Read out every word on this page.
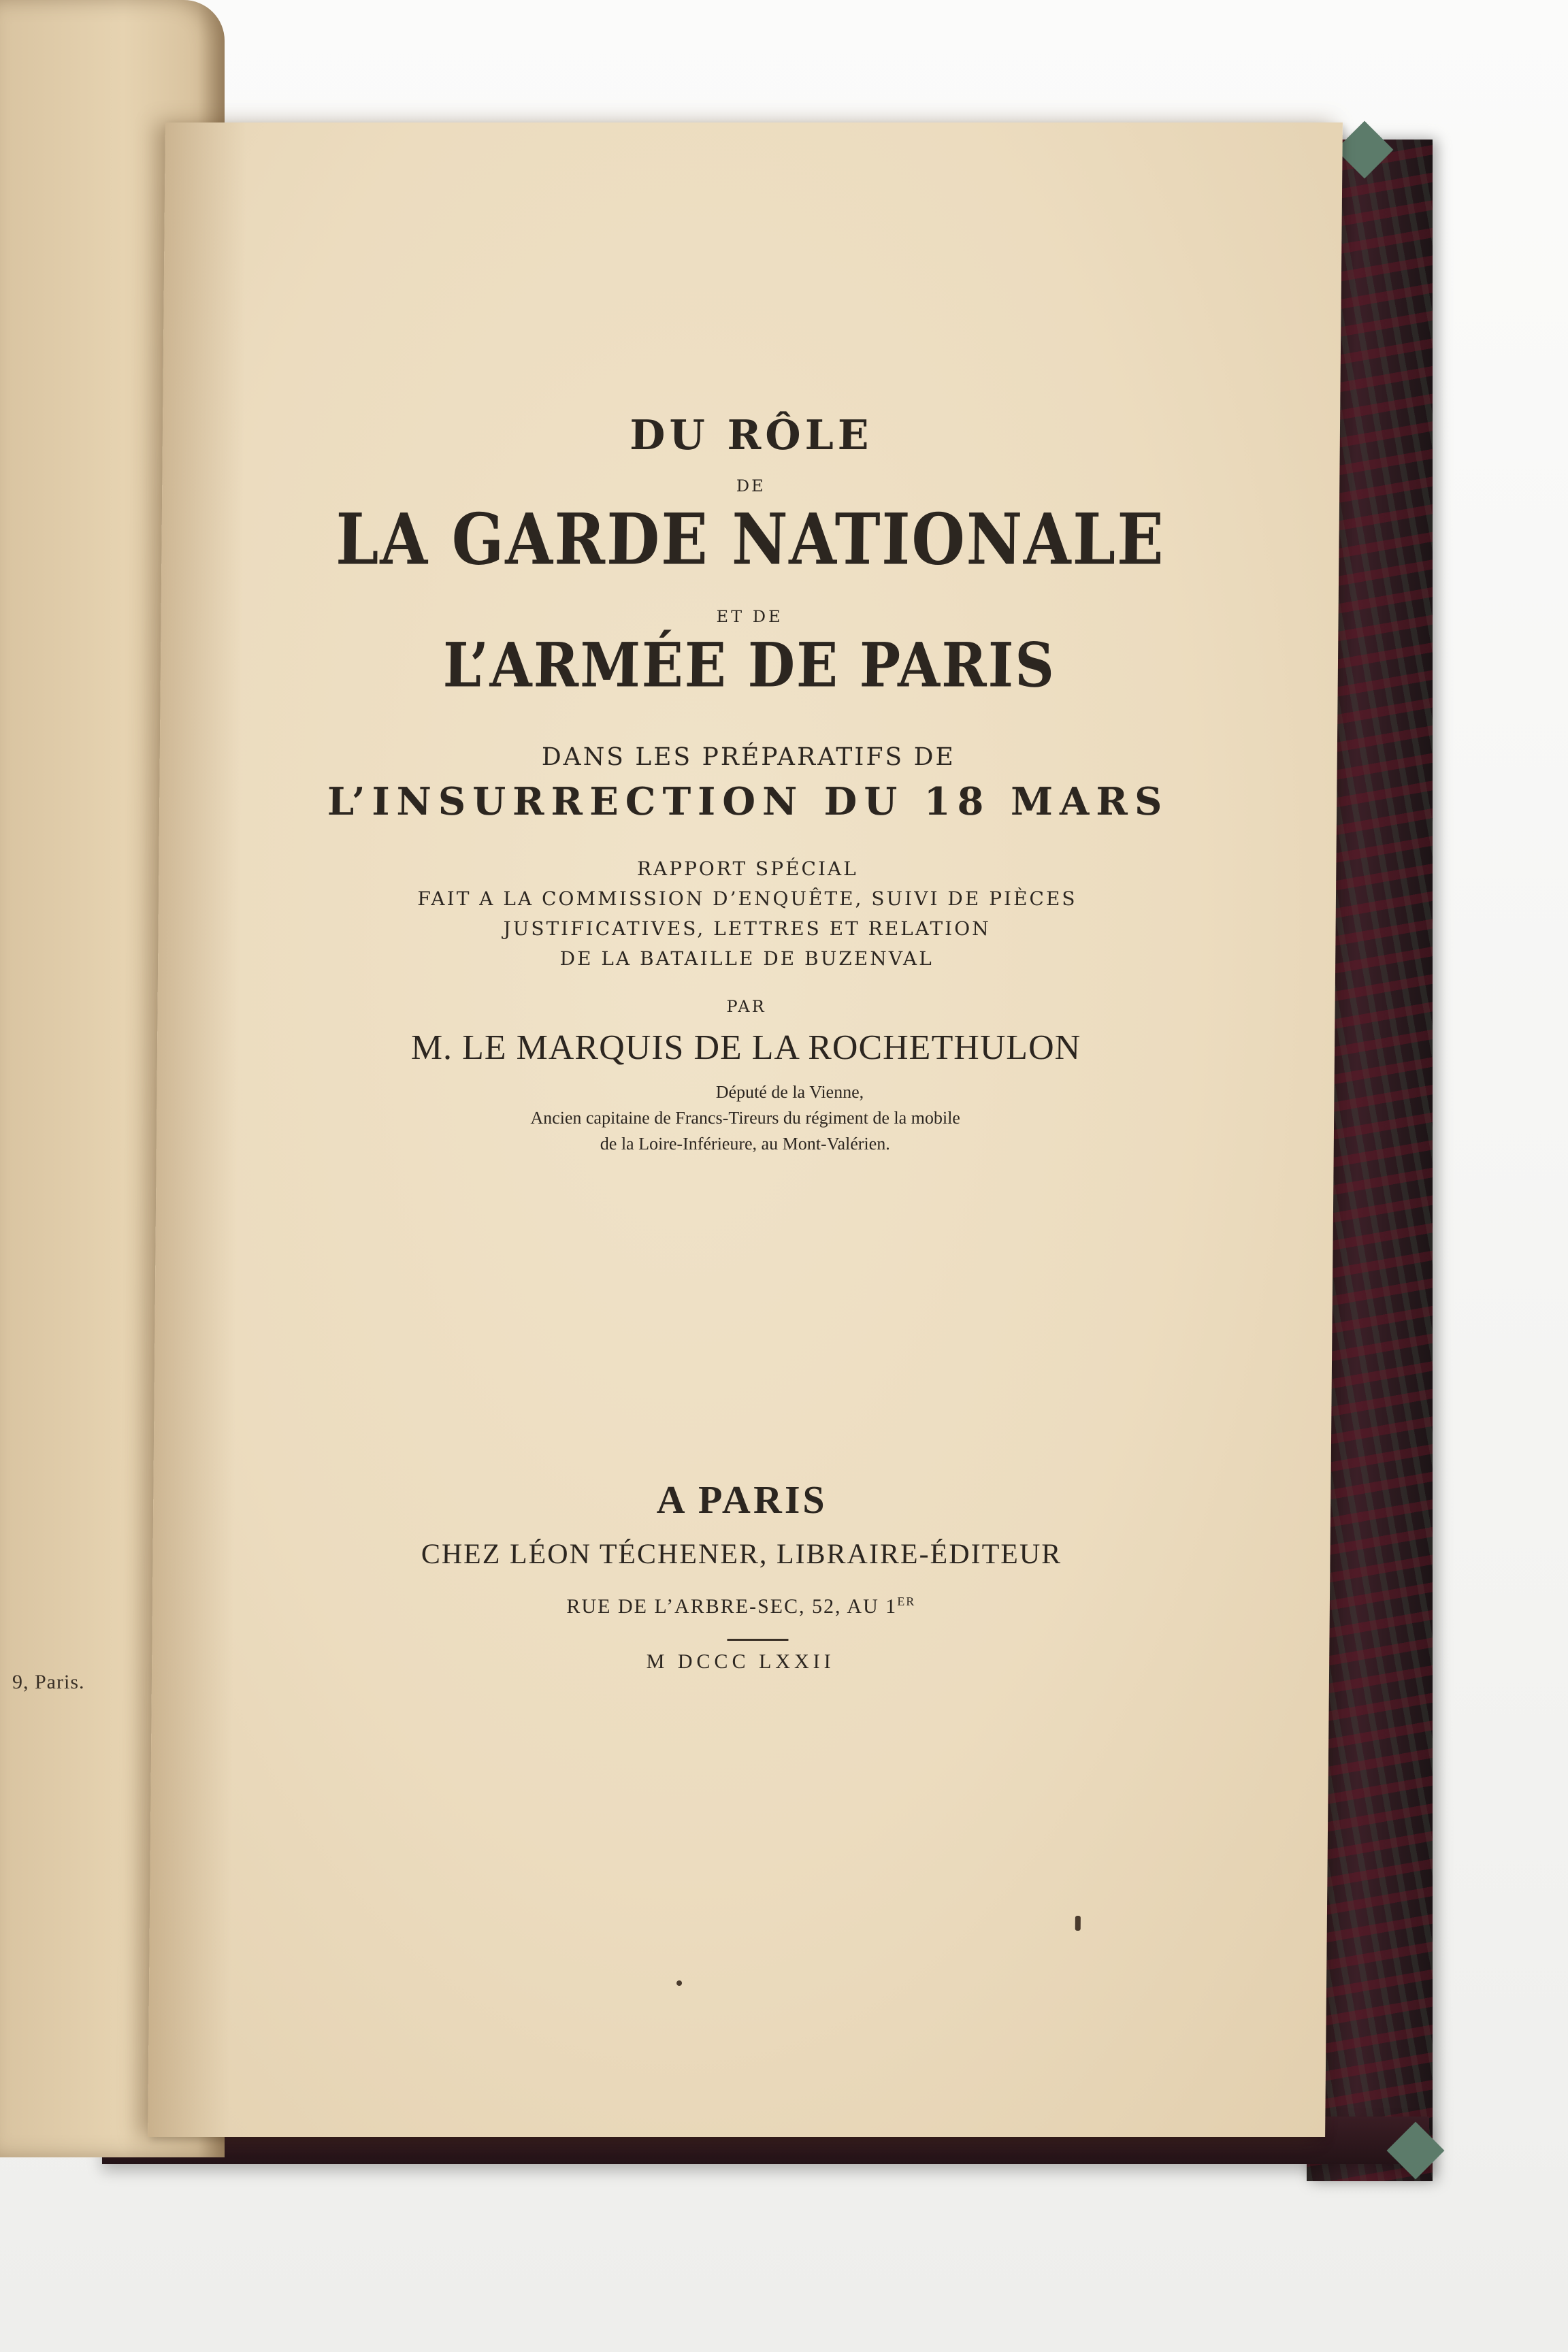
9, Paris.
DU RÔLE
DE
LA GARDE NATIONALE
ET DE
L’ARMÉE DE PARIS
DANS LES PRÉPARATIFS DE
L’INSURRECTION DU 18 MARS
RAPPORT SPÉCIAL
FAIT A LA COMMISSION D’ENQUÊTE, SUIVI DE PIÈCES
JUSTIFICATIVES, LETTRES ET RELATION
DE LA BATAILLE DE BUZENVAL
PAR
M. LE MARQUIS DE LA ROCHETHULON
Député de la Vienne,
Ancien capitaine de Francs-Tireurs du régiment de la mobile
de la Loire-Inférieure, au Mont-Valérien.
A PARIS
CHEZ LÉON TÉCHENER, LIBRAIRE-ÉDITEUR
RUE DE L’ARBRE-SEC, 52, AU 1er
M DCCC LXXII
